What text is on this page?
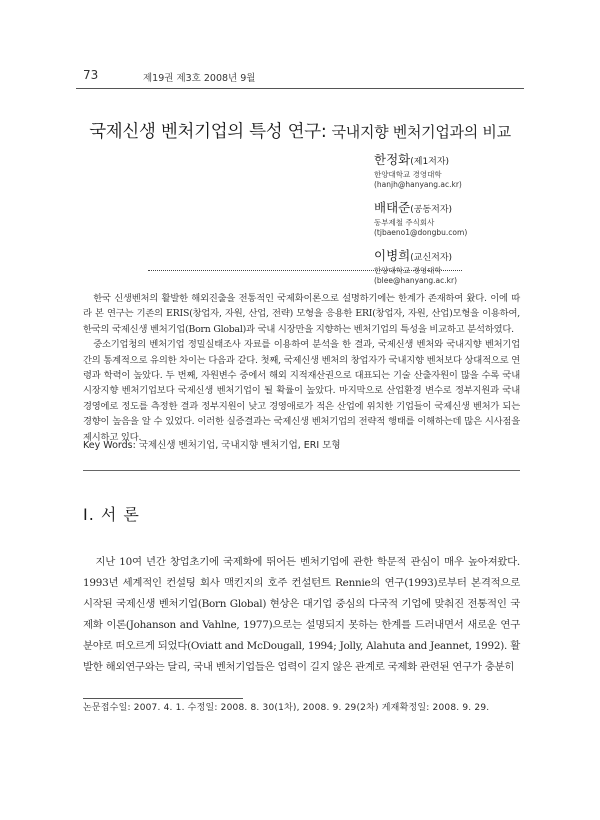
73	제19권 제3호 2008년 9월
국제신생 벤처기업의 특성 연구: 국내지향 벤처기업과의 비교
한정화(제1저자)
한양대학교 경영대학
(hanjh@hanyang.ac.kr)
배태준(공동저자)
동부제철 주식회사
(tjbaeno1@dongbu.com)
이병희(교신저자)
한양대학교 경영대학
(blee@hanyang.ac.kr)

한국 신생벤처의 활발한 해외진출을 전통적인 국제화이론으로 설명하기에는 한계가 존재하여 왔다. 이에 따라 본 연구는 기존의 ERIS(창업자, 자원, 산업, 전략) 모형을 응용한 ERI(창업자, 자원, 산업)모형을 이용하여, 한국의 국제신생 벤처기업(Born Global)과 국내 시장만을 지향하는 벤처기업의 특성을 비교하고 분석하였다.

중소기업청의 벤처기업 정밀실태조사 자료를 이용하여 분석을 한 결과, 국제신생 벤처와 국내지향 벤처기업간의 통계적으로 유의한 차이는 다음과 같다. 첫째, 국제신생 벤처의 창업자가 국내지향 벤처보다 상대적으로 연령과 학력이 높았다. 두 번째, 자원변수 중에서 해외 지적재산권으로 대표되는 기술 산출자원이 많을 수록 국내 시장지향 벤처기업보다 국제신생 벤처기업이 될 확률이 높았다. 마지막으로 산업환경 변수로 정부지원과 국내 경영에로 정도를 측정한 결과 정부지원이 낮고 경영애로가 적은 산업에 위치한 기업들이 국제신생 벤처가 되는 경향이 높음을 알 수 있었다. 이러한 실증결과는 국제신생 벤처기업의 전략적 행태를 이해하는데 많은 시사점을 제시하고 있다.

Key Words: 국제신생 벤처기업, 국내지향 벤처기업, ERI 모형
Ⅰ. 서 론

지난 10여 년간 창업초기에 국제화에 뛰어든 벤처기업에 관한 학문적 관심이 매우 높아져왔다. 1993년 세계적인 컨설팅 회사 맥킨지의 호주 컨설턴트 Rennie의 연구(1993)로부터 본격적으로 시작된 국제신생 벤처기업(Born Global) 현상은 대기업 중심의 다국적 기업에 맞춰진 전통적인 국제화 이론(Johanson and Vahlne, 1977)으로는 설명되지 못하는 한계를 드러내면서 새로운 연구 분야로 떠오르게 되었다(Oviatt and McDougall, 1994; Jolly, Alahuta and Jeannet, 1992). 활발한 해외연구와는 달리, 국내 벤처기업들은 업력이 길지 않은 관계로 국제화 관련된 연구가 충분히

논문접수일: 2007. 4. 1. 수정일: 2008. 8. 30(1차), 2008. 9. 29(2차) 게재확정일: 2008. 9. 29.
